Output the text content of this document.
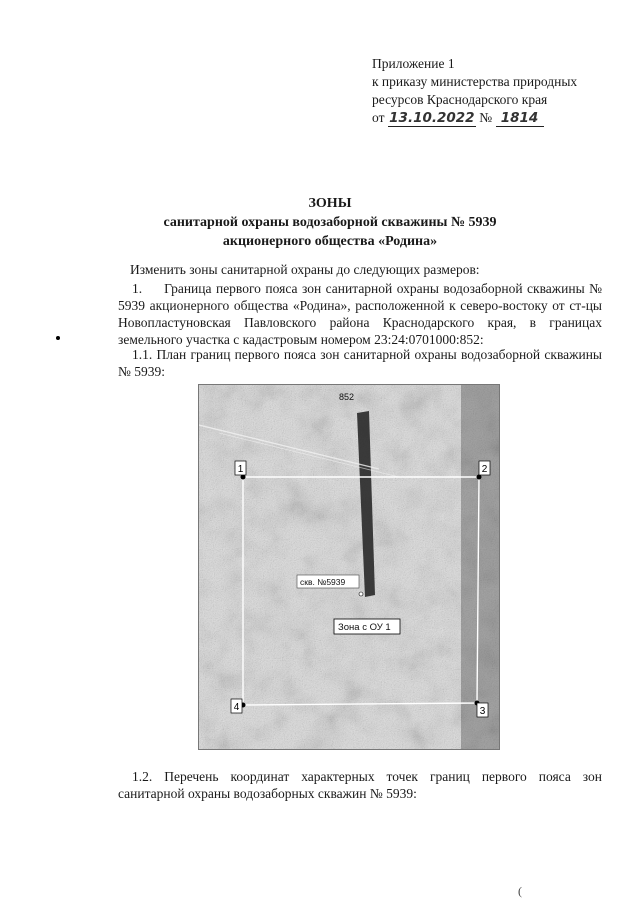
Приложение 1
к приказу министерства природных
ресурсов Краснодарского края
от 13.10.2022 № 1814
ЗОНЫ
санитарной охраны водозаборной скважины № 5939
акционерного общества «Родина»
Изменить зоны санитарной охраны до следующих размеров:
1. Граница первого пояса зон санитарной охраны водозаборной скважины № 5939 акционерного общества «Родина», расположенной к северо-востоку от ст-цы Новопластуновская Павловского района Краснодарского края, в границах земельного участка с кадастровым номером 23:24:0701000:852:
1.1. План границ первого пояса зон санитарной охраны водозаборной скважины № 5939:
1	2
3
4
852
скв. №5939
Зона с ОУ 1
1.2. Перечень координат характерных точек границ первого пояса зон санитарной охраны водозаборных скважин № 5939:
(
